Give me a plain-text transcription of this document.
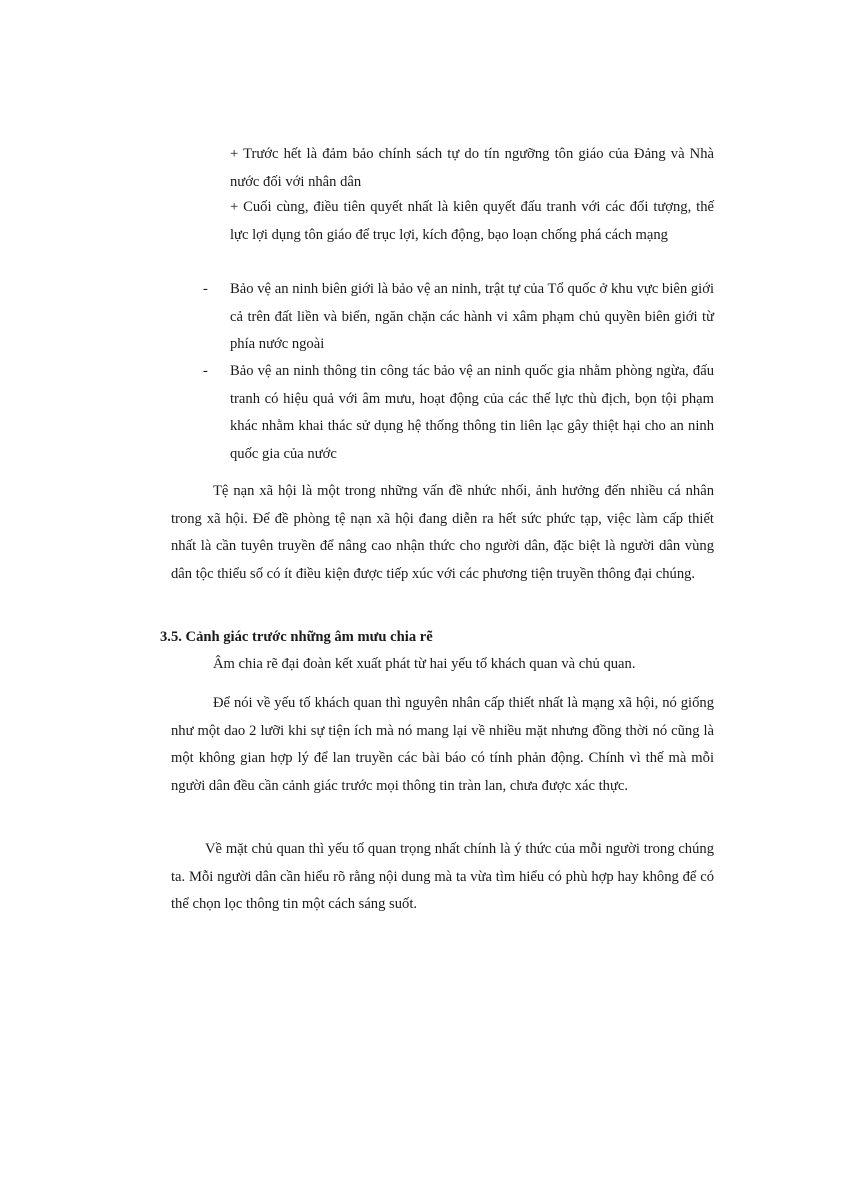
+ Trước hết là đảm bảo chính sách tự do tín ngưỡng tôn giáo của Đảng và Nhà nước đối với nhân dân

+ Cuối cùng, điều tiên quyết nhất là kiên quyết đấu tranh với các đối tượng, thế lực lợi dụng tôn giáo để trục lợi, kích động, bạo loạn chống phá cách mạng

- Bảo vệ an ninh biên giới là bảo vệ an ninh, trật tự của Tổ quốc ở khu vực biên giới cả trên đất liền và biển, ngăn chặn các hành vi xâm phạm chủ quyền biên giới từ phía nước ngoài

- Bảo vệ an ninh thông tin công tác bảo vệ an ninh quốc gia nhằm phòng ngừa, đấu tranh có hiệu quả với âm mưu, hoạt động của các thế lực thù địch, bọn tội phạm khác nhằm khai thác sử dụng hệ thống thông tin liên lạc gây thiệt hại cho an ninh quốc gia của nước

Tệ nạn xã hội là một trong những vấn đề nhức nhối, ảnh hưởng đến nhiều cá nhân trong xã hội. Để đề phòng tệ nạn xã hội đang diễn ra hết sức phức tạp, việc làm cấp thiết nhất là cần tuyên truyền để nâng cao nhận thức cho người dân, đặc biệt là người dân vùng dân tộc thiểu số có ít điều kiện được tiếp xúc với các phương tiện truyền thông đại chúng.

3.5. Cảnh giác trước những âm mưu chia rẽ

Âm chia rẽ đại đoàn kết xuất phát từ hai yếu tố khách quan và chủ quan.

Để nói về yếu tố khách quan thì nguyên nhân cấp thiết nhất là mạng xã hội, nó giống như một dao 2 lưỡi khi sự tiện ích mà nó mang lại về nhiều mặt nhưng đồng thời nó cũng là một không gian hợp lý để lan truyền các bài báo có tính phản động. Chính vì thế mà mỗi người dân đều cần cảnh giác trước mọi thông tin tràn lan, chưa được xác thực.

Về mặt chủ quan thì yếu tố quan trọng nhất chính là ý thức của mỗi người trong chúng ta. Mỗi người dân cần hiểu rõ rằng nội dung mà ta vừa tìm hiểu có phù hợp hay không để có thể chọn lọc thông tin một cách sáng suốt.
